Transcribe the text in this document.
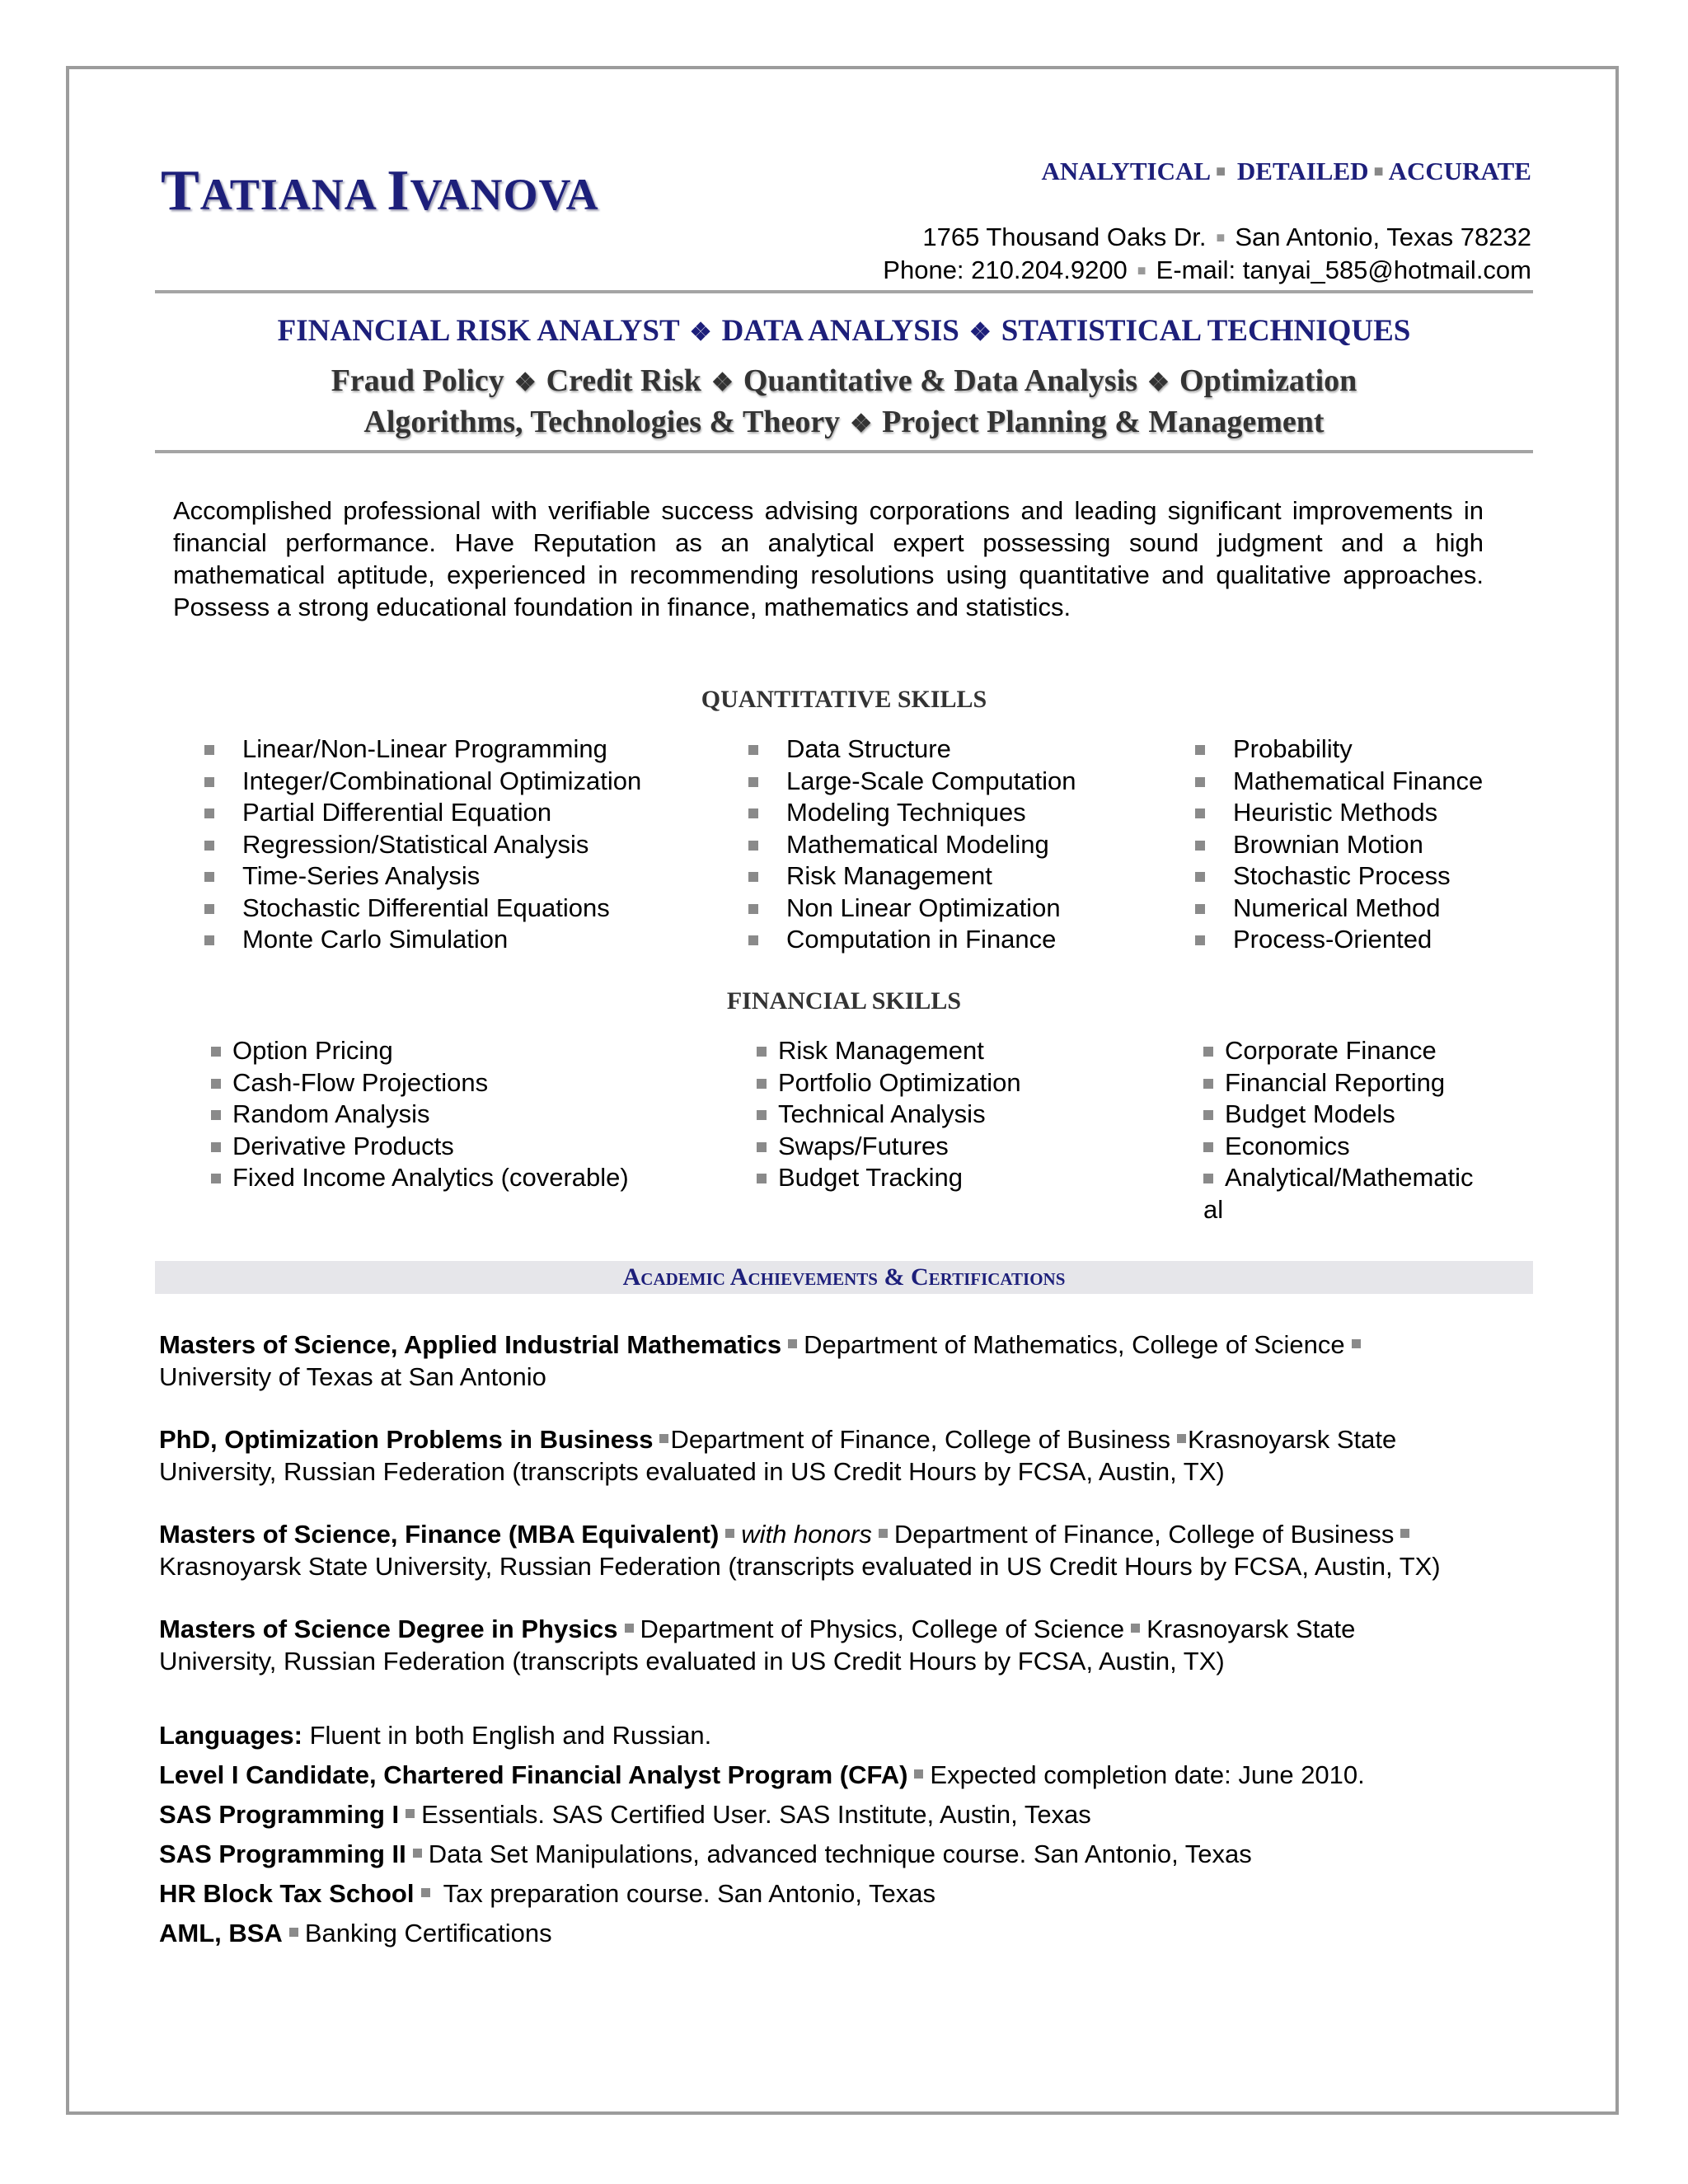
TATIANA IVANOVA	ANALYTICAL ■ DETAILED ■ ACCURATE
1765 Thousand Oaks Dr. ■ San Antonio, Texas 78232
Phone: 210.204.9200 ■ E-mail: tanyai_585@hotmail.com
FINANCIAL RISK ANALYST ❖ DATA ANALYSIS ❖ STATISTICAL TECHNIQUES
Fraud Policy ❖ Credit Risk ❖ Quantitative & Data Analysis ❖ Optimization
Algorithms, Technologies & Theory ❖ Project Planning & Management
Accomplished professional with verifiable success advising corporations and leading significant improvements in financial performance. Have Reputation as an analytical expert possessing sound judgment and a high mathematical aptitude, experienced in recommending resolutions using quantitative and qualitative approaches. Possess a strong educational foundation in finance, mathematics and statistics.
QUANTITATIVE SKILLS
Linear/Non-Linear Programming
Integer/Combinational Optimization
Partial Differential Equation
Regression/Statistical Analysis
Time-Series Analysis
Stochastic Differential Equations
Monte Carlo Simulation
Data Structure
Large-Scale Computation
Modeling Techniques
Mathematical Modeling
Risk Management
Non Linear Optimization
Computation in Finance
Probability
Mathematical Finance
Heuristic Methods
Brownian Motion
Stochastic Process
Numerical Method
Process-Oriented
FINANCIAL SKILLS
Option Pricing
Cash-Flow Projections
Random Analysis
Derivative Products
Fixed Income Analytics (coverable)
Risk Management
Portfolio Optimization
Technical Analysis
Swaps/Futures
Budget Tracking
Corporate Finance
Financial Reporting
Budget Models
Economics
Analytical/Mathematic
al
Academic Achievements & Certifications
Masters of Science, Applied Industrial Mathematics Department of Mathematics, College of Science
University of Texas at San Antonio
PhD, Optimization Problems in Business Department of Finance, College of Business Krasnoyarsk State
University, Russian Federation (transcripts evaluated in US Credit Hours by FCSA, Austin, TX)
Masters of Science, Finance (MBA Equivalent) with honors Department of Finance, College of Business
Krasnoyarsk State University, Russian Federation (transcripts evaluated in US Credit Hours by FCSA, Austin, TX)
Masters of Science Degree in Physics Department of Physics, College of Science Krasnoyarsk State
University, Russian Federation (transcripts evaluated in US Credit Hours by FCSA, Austin, TX)
Languages: Fluent in both English and Russian.
Level I Candidate, Chartered Financial Analyst Program (CFA) Expected completion date: June 2010.
SAS Programming I Essentials. SAS Certified User. SAS Institute, Austin, Texas
SAS Programming II Data Set Manipulations, advanced technique course. San Antonio, Texas
HR Block Tax School Tax preparation course. San Antonio, Texas
AML, BSA Banking Certifications
